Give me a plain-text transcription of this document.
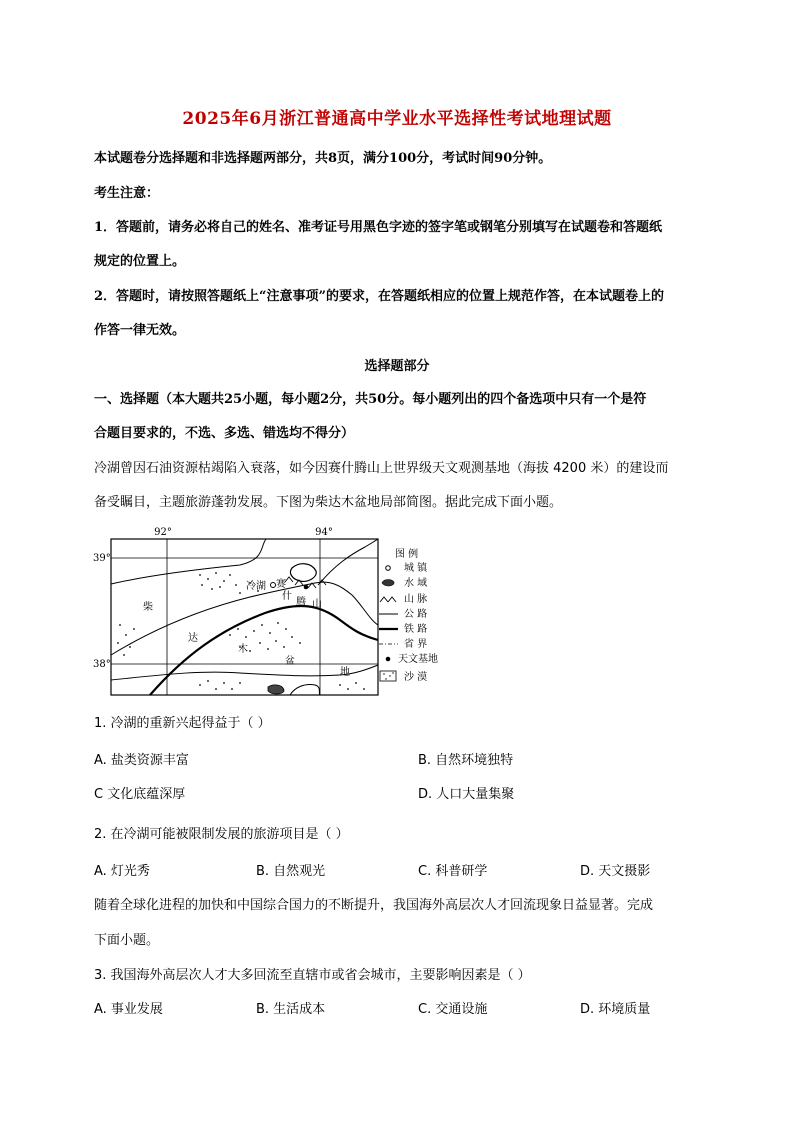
2025年6月浙江普通高中学业水平选择性考试地理试题
本试题卷分选择题和非选择题两部分，共8页，满分100分，考试时间90分钟。
考生注意：
1．答题前，请务必将自己的姓名、准考证号用黑色字迹的签字笔或钢笔分别填写在试题卷和答题纸
规定的位置上。
2．答题时，请按照答题纸上“注意事项”的要求，在答题纸相应的位置上规范作答，在本试题卷上的
作答一律无效。
选择题部分
一、选择题（本大题共25小题，每小题2分，共50分。每小题列出的四个备选项中只有一个是符
合题目要求的，不选、多选、错选均不得分）
冷湖曾因石油资源枯竭陷入衰落，如今因赛什腾山上世界级天文观测基地（海拔 4200 米）的建设而
备受瞩目，主题旅游蓬勃发展。下图为柴达木盆地局部简图。据此完成下面小题。
92°	94°
39°
38°
冷湖 赛
什
腾 山
柴
达
木
盆
地
图 例
城 镇
水 域
山 脉
公 路
铁 路
省 界
天文基地
沙 漠
1. 冷湖的重新兴起得益于（ ）
A. 盐类资源丰富	B. 自然环境独特
C 文化底蕴深厚	D. 人口大量集聚
2. 在冷湖可能被限制发展的旅游项目是（ ）
A. 灯光秀	B. 自然观光	C. 科普研学	D. 天文摄影
随着全球化进程的加快和中国综合国力的不断提升，我国海外高层次人才回流现象日益显著。完成
下面小题。
3. 我国海外高层次人才大多回流至直辖市或省会城市，主要影响因素是（ ）
A. 事业发展	B. 生活成本	C. 交通设施	D. 环境质量
